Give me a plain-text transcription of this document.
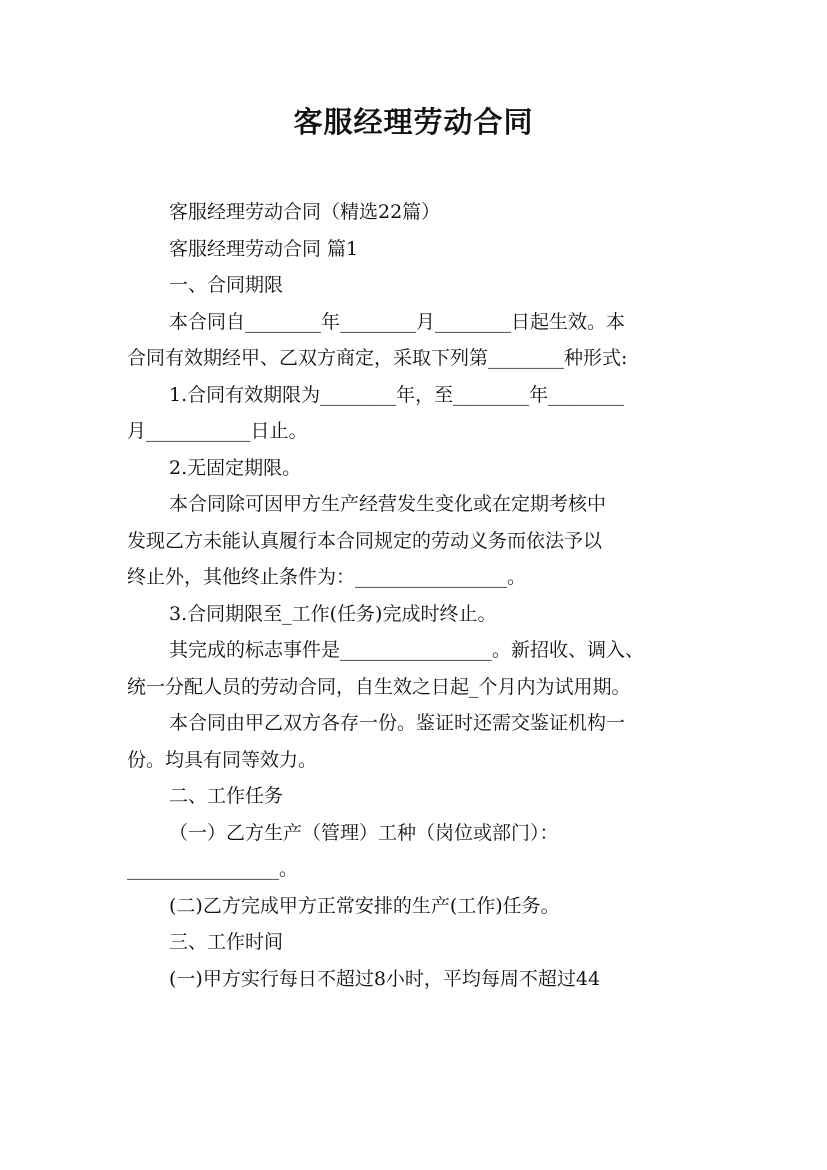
客服经理劳动合同

客服经理劳动合同（精选22篇）

客服经理劳动合同 篇1

一、合同期限

本合同自________年________月________日起生效。本

合同有效期经甲、乙双方商定，采取下列第________种形式:

1.合同有效期限为________年，至________年________

月___________日止。

2.无固定期限。

本合同除可因甲方生产经营发生变化或在定期考核中

发现乙方未能认真履行本合同规定的劳动义务而依法予以

终止外，其他终止条件为：________________。

3.合同期限至_工作(任务)完成时终止。

其完成的标志事件是________________。新招收、调入、

统一分配人员的劳动合同，自生效之日起_个月内为试用期。

本合同由甲乙双方各存一份。鉴证时还需交鉴证机构一

份。均具有同等效力。

二、工作任务

（一）乙方生产（管理）工种（岗位或部门）：

________________。

(二)乙方完成甲方正常安排的生产(工作)任务。

三、工作时间

(一)甲方实行每日不超过8小时，平均每周不超过44
